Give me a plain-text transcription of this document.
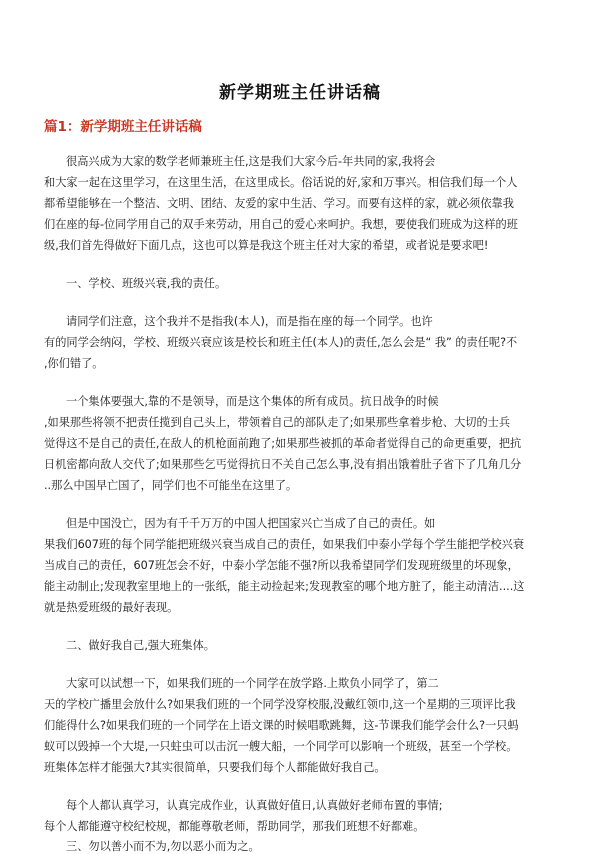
新学期班主任讲话稿
篇1：新学期班主任讲话稿
很高兴成为大家的数学老师兼班主任,这是我们大家今后-年共同的家,我将会
和大家一起在这里学习，在这里生活，在这里成长。俗话说的好,家和万事兴。相信我们每一个人
都希望能够在一个整洁、文明、团结、友爱的家中生活、学习。而要有这样的家，就必须依靠我
们在座的每-位同学用自己的双手来劳动，用自己的爱心来呵护。我想，要使我们班成为这样的班
级,我们首先得做好下面几点，这也可以算是我这个班主任对大家的希望，或者说是要求吧!
一、学校、班级兴衰,我的责任。
请同学们注意，这个我并不是指我(本人)，而是指在座的每一个同学。也许
有的同学会纳闷，学校、班级兴衰应该是校长和班主任(本人)的责任,怎么会是“ 我” 的责任呢?不
,你们错了。
一个集体要强大,靠的不是领导，而是这个集体的所有成员。抗日战争的时候
,如果那些将领不把责任揽到自己头上，带领着自己的部队走了;如果那些拿着步枪、大切的士兵
觉得这不是自己的责任,在敌人的机枪面前跑了;如果那些被抓的革命者觉得自己的命更重要，把抗
日机密都向敌人交代了;如果那些乞丐觉得抗日不关自己怎么事,没有捐出饿着肚子省下了几角几分
..那么中国早亡国了，同学们也不可能坐在这里了。
但是中国没亡，因为有千千万万的中国人把国家兴亡当成了自己的责任。如
果我们607班的每个同学能把班级兴衰当成自己的责任，如果我们中泰小学每个学生能把学校兴衰
当成自己的责任，607班怎会不好，中泰小学怎能不强?所以我希望同学们发现班级里的坏现象，
能主动制止;发现教室里地上的一张纸，能主动捡起来;发现教室的哪个地方脏了，能主动清洁....这
就是热爱班级的最好表现。
二、做好我自己,强大班集体。
大家可以试想一下，如果我们班的一个同学在放学路.上欺负小同学了，第二
天的学校广播里会放什么?如果我们班的一个同学没穿校服,没戴红领巾,这一个星期的三项评比我
们能得什么?如果我们班的一个同学在上语文课的时候唱歌跳舞，这-节课我们能学会什么?一只蚂
蚁可以毁掉一个大堤,一只蛀虫可以击沉一艘大船，一个同学可以影响一个班级，甚至一个学校。
班集体怎样才能强大?其实很简单，只要我们每个人都能做好我自己。
每个人都认真学习，认真完成作业，认真做好值日,认真做好老师布置的事情;
每个人都能遵守校纪校规，都能尊敬老师，帮助同学，那我们班想不好都难。
三、勿以善小而不为,勿以恶小而为之。
